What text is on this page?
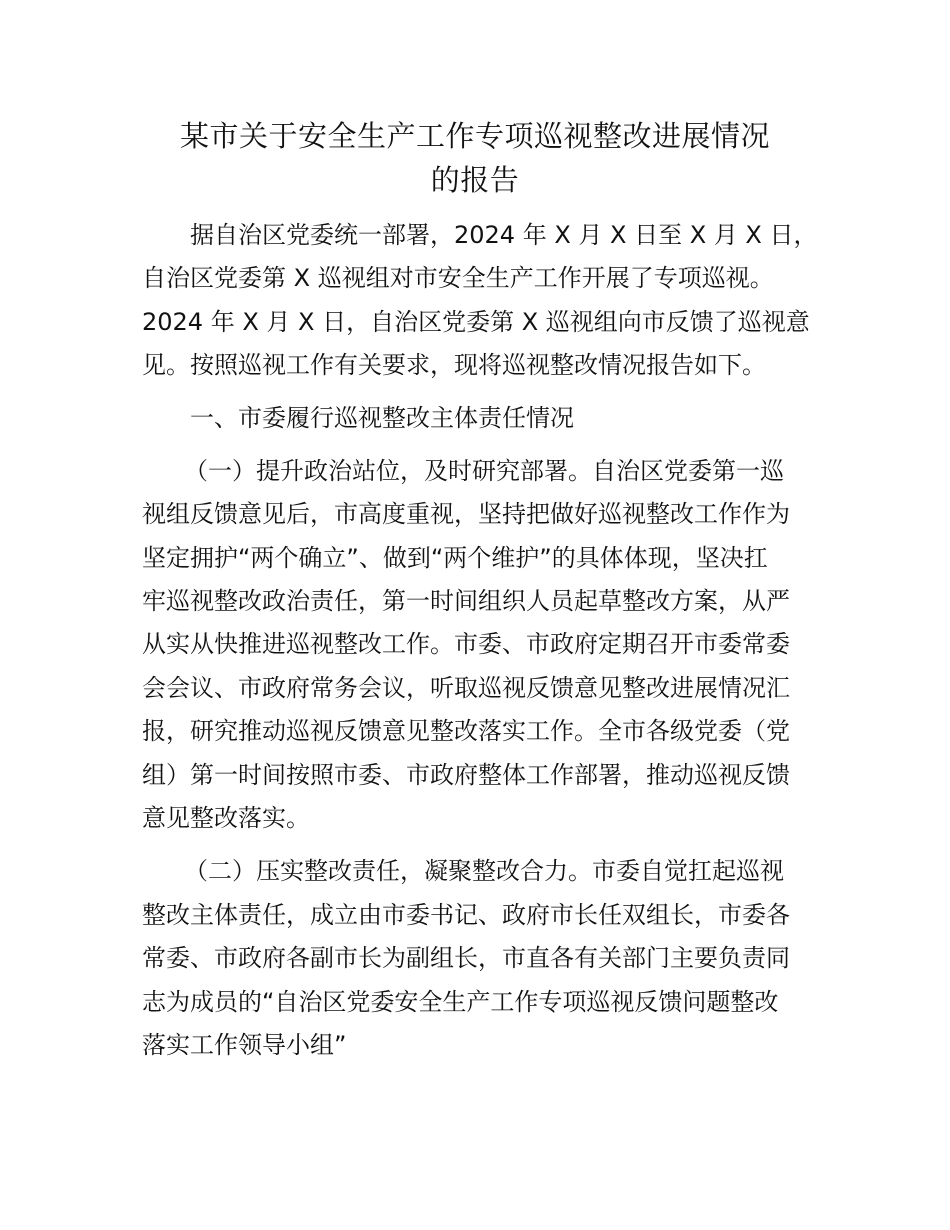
某市关于安全生产工作专项巡视整改进展情况
的报告

据自治区党委统一部署，2024 年 X 月 X 日至 X 月 X 日，

自治区党委第 X 巡视组对市安全生产工作开展了专项巡视。

2024 年 X 月 X 日，自治区党委第 X 巡视组向市反馈了巡视意

见。按照巡视工作有关要求，现将巡视整改情况报告如下。

一、市委履行巡视整改主体责任情况

（一）提升政治站位，及时研究部署。自治区党委第一巡

视组反馈意见后，市高度重视，坚持把做好巡视整改工作作为

坚定拥护“两个确立”、做到“两个维护”的具体体现，坚决扛

牢巡视整改政治责任，第一时间组织人员起草整改方案，从严

从实从快推进巡视整改工作。市委、市政府定期召开市委常委

会会议、市政府常务会议，听取巡视反馈意见整改进展情况汇

报，研究推动巡视反馈意见整改落实工作。全市各级党委（党

组）第一时间按照市委、市政府整体工作部署，推动巡视反馈

意见整改落实。

（二）压实整改责任，凝聚整改合力。市委自觉扛起巡视

整改主体责任，成立由市委书记、政府市长任双组长，市委各

常委、市政府各副市长为副组长，市直各有关部门主要负责同

志为成员的“自治区党委安全生产工作专项巡视反馈问题整改

落实工作领导小组”
